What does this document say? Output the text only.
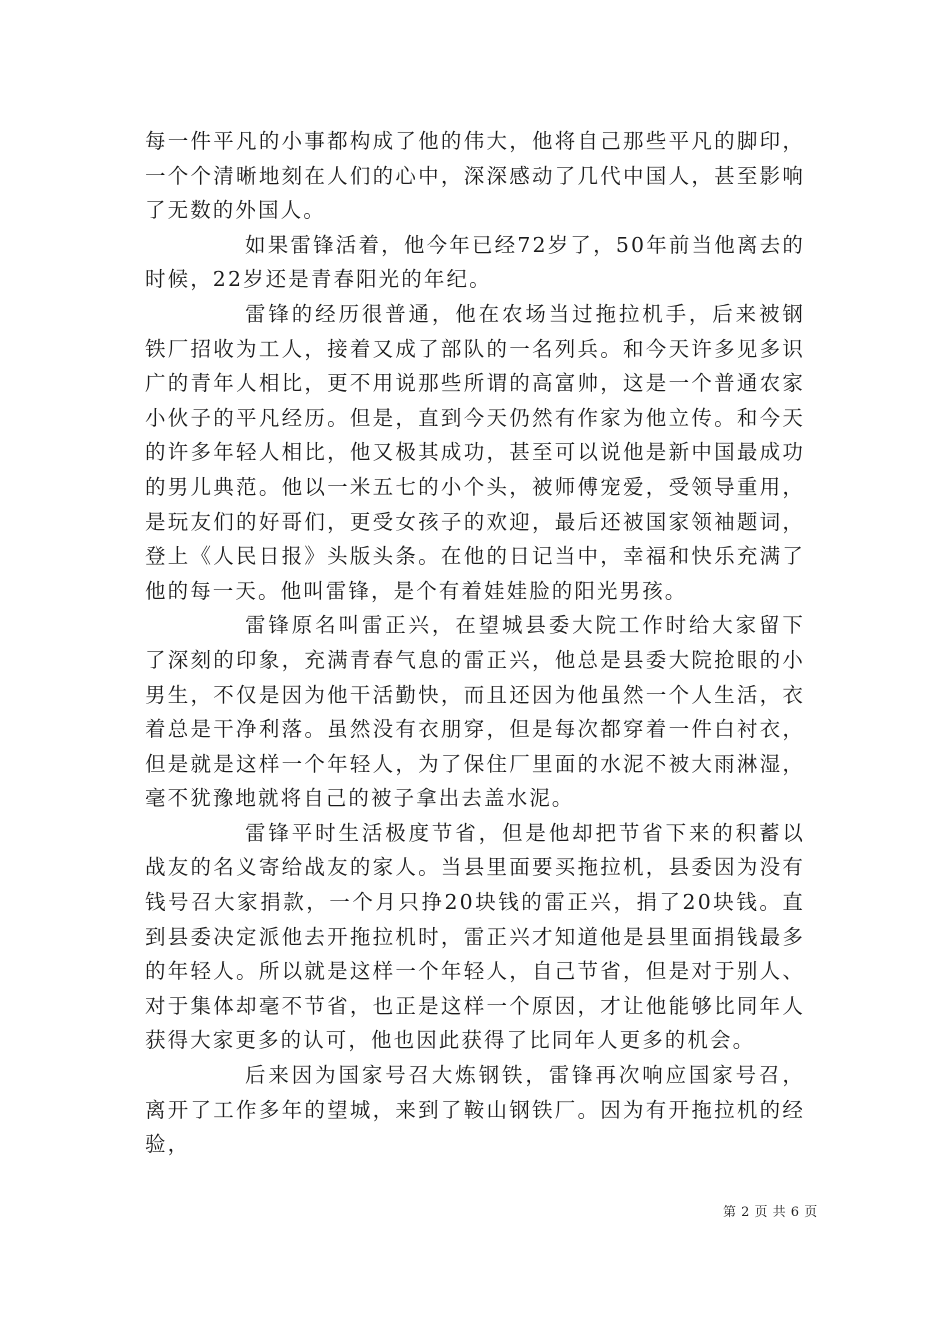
每一件平凡的小事都构成了他的伟大，他将自己那些平凡的脚印，一个个清晰地刻在人们的心中，深深感动了几代中国人，甚至影响了无数的外国人。

如果雷锋活着，他今年已经72岁了，50年前当他离去的时候，22岁还是青春阳光的年纪。

雷锋的经历很普通，他在农场当过拖拉机手，后来被钢铁厂招收为工人，接着又成了部队的一名列兵。和今天许多见多识广的青年人相比，更不用说那些所谓的高富帅，这是一个普通农家小伙子的平凡经历。但是，直到今天仍然有作家为他立传。和今天的许多年轻人相比，他又极其成功，甚至可以说他是新中国最成功的男儿典范。他以一米五七的小个头，被师傅宠爱，受领导重用，是玩友们的好哥们，更受女孩子的欢迎，最后还被国家领袖题词，登上《人民日报》头版头条。在他的日记当中，幸福和快乐充满了他的每一天。他叫雷锋，是个有着娃娃脸的阳光男孩。

雷锋原名叫雷正兴，在望城县委大院工作时给大家留下了深刻的印象，充满青春气息的雷正兴，他总是县委大院抢眼的小男生，不仅是因为他干活勤快，而且还因为他虽然一个人生活，衣着总是干净利落。虽然没有衣朋穿，但是每次都穿着一件白衬衣，但是就是这样一个年轻人，为了保住厂里面的水泥不被大雨淋湿，毫不犹豫地就将自己的被子拿出去盖水泥。

雷锋平时生活极度节省，但是他却把节省下来的积蓄以战友的名义寄给战友的家人。当县里面要买拖拉机，县委因为没有钱号召大家捐款，一个月只挣20块钱的雷正兴，捐了20块钱。直到县委决定派他去开拖拉机时，雷正兴才知道他是县里面捐钱最多的年轻人。所以就是这样一个年轻人，自己节省，但是对于别人、对于集体却毫不节省，也正是这样一个原因，才让他能够比同年人获得大家更多的认可，他也因此获得了比同年人更多的机会。

后来因为国家号召大炼钢铁，雷锋再次响应国家号召，离开了工作多年的望城，来到了鞍山钢铁厂。因为有开拖拉机的经验，

第 2 页 共 6 页
